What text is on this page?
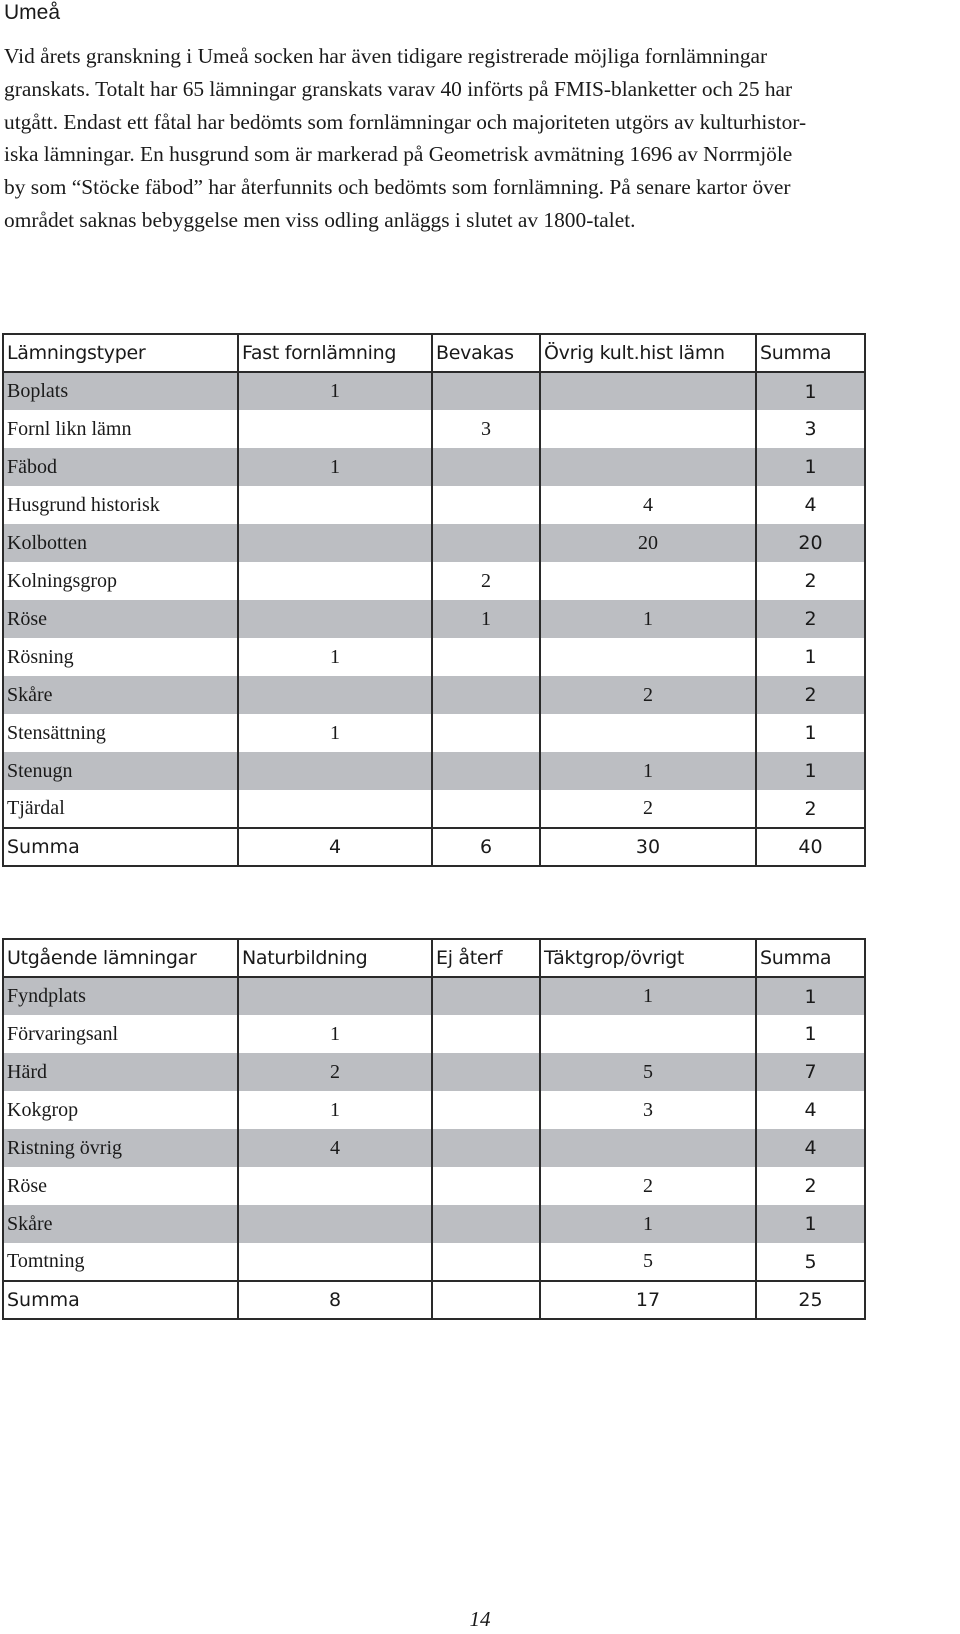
Umeå
Vid årets granskning i Umeå socken har även tidigare registrerade möjliga fornlämningar
granskats. Totalt har 65 lämningar granskats varav 40 införts på FMIS-blanketter och 25 har
utgått. Endast ett fåtal har bedömts som fornlämningar och majoriteten utgörs av kulturhistor-
iska lämningar. En husgrund som är markerad på Geometrisk avmätning 1696 av Norrmjöle
by som “Stöcke fäbod” har återfunnits och bedömts som fornlämning. På senare kartor över
området saknas bebyggelse men viss odling anläggs i slutet av 1800-talet.
Lämningstyper	Fast fornlämning	Bevakas	Övrig kult.hist lämn	Summa
Boplats	1			1
Fornl likn lämn		3		3
Fäbod	1			1
Husgrund historisk			4	4
Kolbotten			20	20
Kolningsgrop		2		2
Röse		1	1	2
Rösning	1			1
Skåre			2	2
Stensättning	1			1
Stenugn			1	1
Tjärdal			2	2
Summa	4	6	30	40
Utgående lämningar	Naturbildning	Ej återf	Täktgrop/övrigt	Summa
Fyndplats			1	1
Förvaringsanl	1			1
Härd	2		5	7
Kokgrop	1		3	4
Ristning övrig	4			4
Röse			2	2
Skåre			1	1
Tomtning			5	5
Summa	8		17	25
14
